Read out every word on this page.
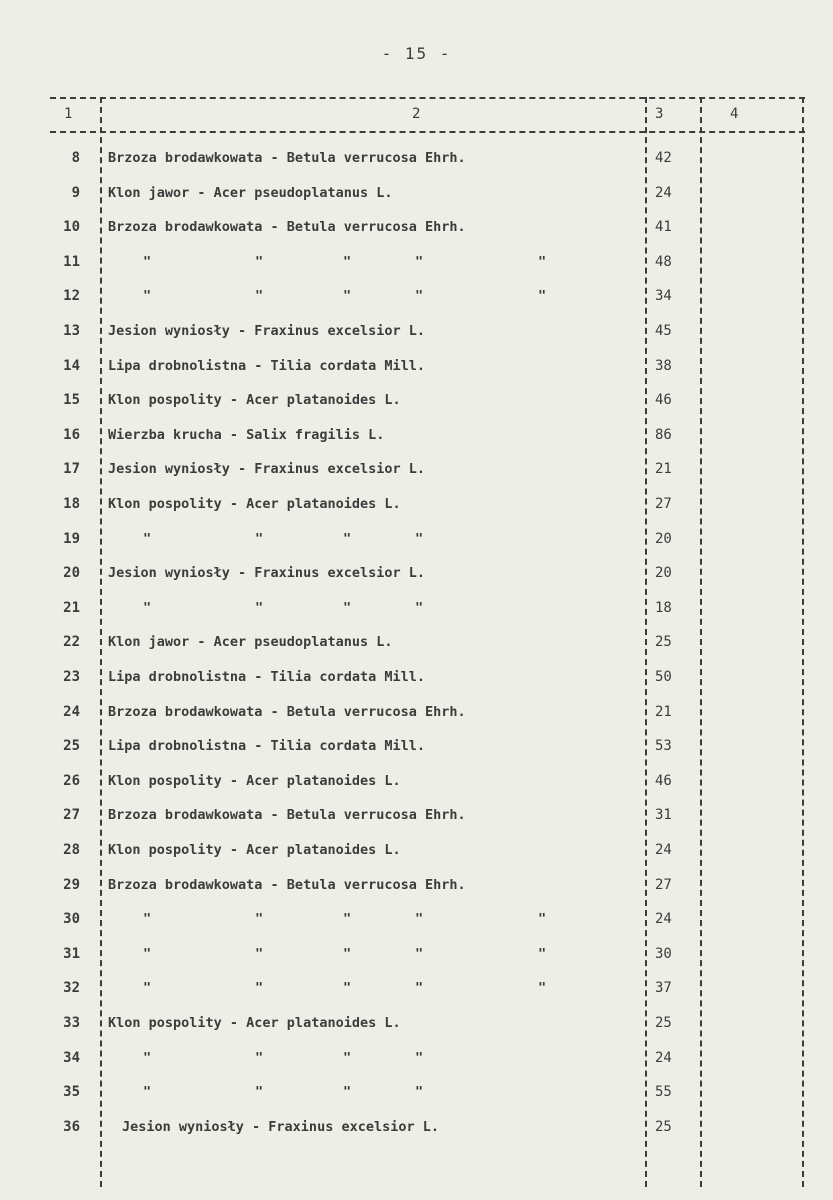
- 15 -
1	2	3	4
8 Brzoza brodawkowata - Betula verrucosa Ehrh.	42
9 Klon jawor - Acer pseudoplatanus L.	24
10 Brzoza brodawkowata - Betula verrucosa Ehrh.	41
11	"	"	"	"	"	48
12	"	"	"	"	"	34
13 Jesion wyniosły - Fraxinus excelsior L.	45
14 Lipa drobnolistna - Tilia cordata Mill.	38
15 Klon pospolity - Acer platanoides L.	46
16 Wierzba krucha - Salix fragilis L.	86
17 Jesion wyniosły - Fraxinus excelsior L.	21
18 Klon pospolity - Acer platanoides L.	27
19	"	"	"	"	20
20 Jesion wyniosły - Fraxinus excelsior L.	20
21	"	"	"	"	18
22 Klon jawor - Acer pseudoplatanus L.	25
23 Lipa drobnolistna - Tilia cordata Mill.	50
24 Brzoza brodawkowata - Betula verrucosa Ehrh.	21
25 Lipa drobnolistna - Tilia cordata Mill.	53
26 Klon pospolity - Acer platanoides L.	46
27 Brzoza brodawkowata - Betula verrucosa Ehrh.	31
28 Klon pospolity - Acer platanoides L.	24
29 Brzoza brodawkowata - Betula verrucosa Ehrh.	27
30	"	"	"	"	"	24
31	"	"	"	"	"	30
32	"	"	"	"	"	37
33 Klon pospolity - Acer platanoides L.	25
34	"	"	"	"	24
35	"	"	"	"	55
36	Jesion wyniosły - Fraxinus excelsior L.	25
